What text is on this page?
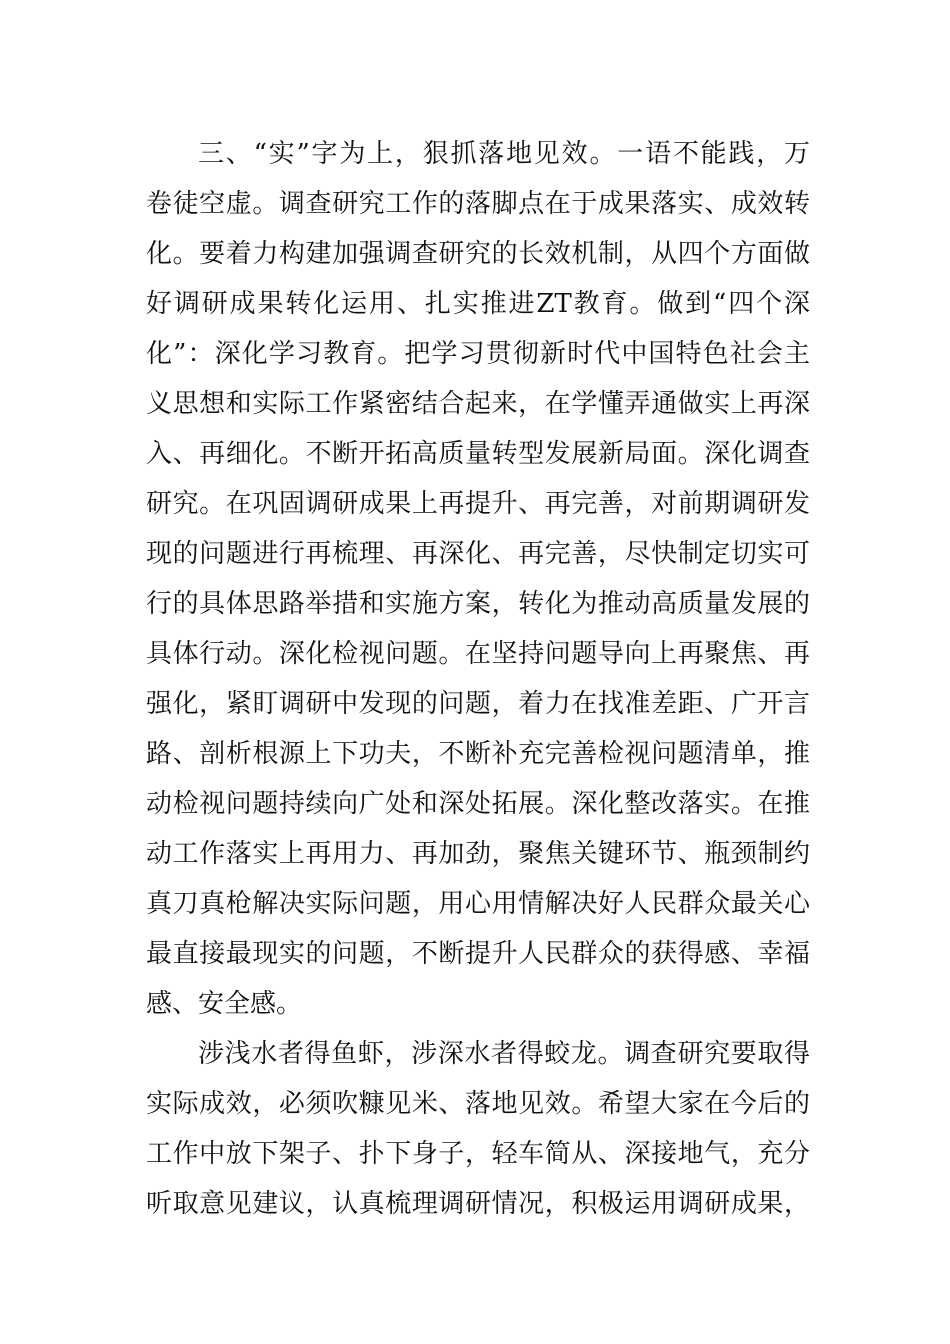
三、“实”字为上，狠抓落地见效。一语不能践，万
卷徒空虚。调查研究工作的落脚点在于成果落实、成效转
化。要着力构建加强调查研究的长效机制，从四个方面做
好调研成果转化运用、扎实推进ZT教育。做到“四个深
化”：深化学习教育。把学习贯彻新时代中国特色社会主
义思想和实际工作紧密结合起来，在学懂弄通做实上再深
入、再细化。不断开拓高质量转型发展新局面。深化调查
研究。在巩固调研成果上再提升、再完善，对前期调研发
现的问题进行再梳理、再深化、再完善，尽快制定切实可
行的具体思路举措和实施方案，转化为推动高质量发展的
具体行动。深化检视问题。在坚持问题导向上再聚焦、再
强化，紧盯调研中发现的问题，着力在找准差距、广开言
路、剖析根源上下功夫，不断补充完善检视问题清单，推
动检视问题持续向广处和深处拓展。深化整改落实。在推
动工作落实上再用力、再加劲，聚焦关键环节、瓶颈制约
真刀真枪解决实际问题，用心用情解决好人民群众最关心
最直接最现实的问题，不断提升人民群众的获得感、幸福
感、安全感。
涉浅水者得鱼虾，涉深水者得蛟龙。调查研究要取得
实际成效，必须吹糠见米、落地见效。希望大家在今后的
工作中放下架子、扑下身子，轻车简从、深接地气，充分
听取意见建议，认真梳理调研情况，积极运用调研成果，
